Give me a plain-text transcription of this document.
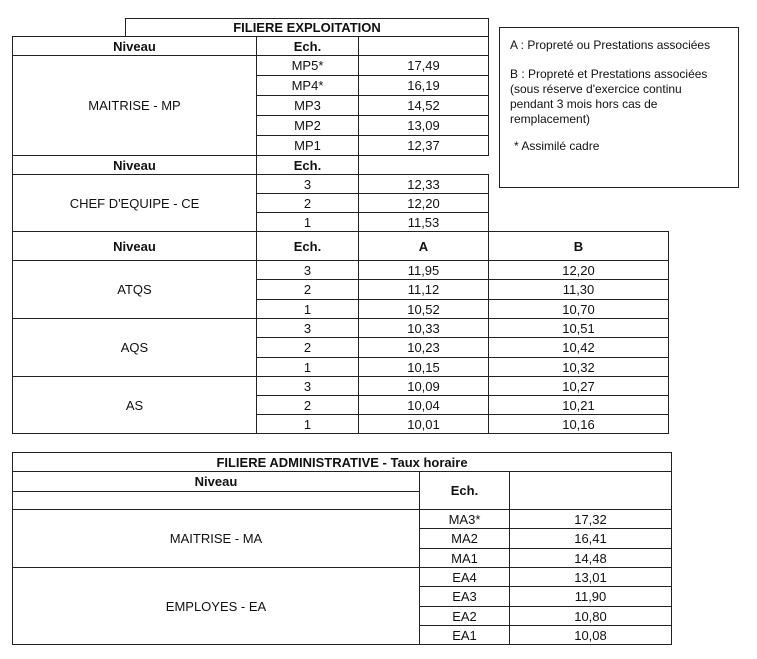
FILIERE EXPLOITATION
Niveau	Ech.
MAITRISE - MP
MP5*	17,49
MP4*	16,19
MP3	14,52
MP2	13,09
MP1	12,37
Niveau	Ech.
CHEF D'EQUIPE - CE
3	12,33
2	12,20
1	11,53
Niveau	Ech.	A	B
ATQS
3	11,95	12,20
2	11,12	11,30
1	10,52	10,70
AQS
3	10,33	10,51
2	10,23	10,42
1	10,15	10,32
AS
3	10,09	10,27
2	10,04	10,21
1	10,01	10,16

A : Propreté ou Prestations associées

B : Propreté et Prestations associées
(sous réserve d'exercice continu
pendant 3 mois hors cas de
remplacement)

* Assimilé cadre

FILIERE ADMINISTRATIVE - Taux horaire
Niveau
Ech.
MAITRISE - MA
MA3*	17,32
MA2	16,41
MA1	14,48
EMPLOYES - EA
EA4	13,01
EA3	11,90
EA2	10,80
EA1	10,08
